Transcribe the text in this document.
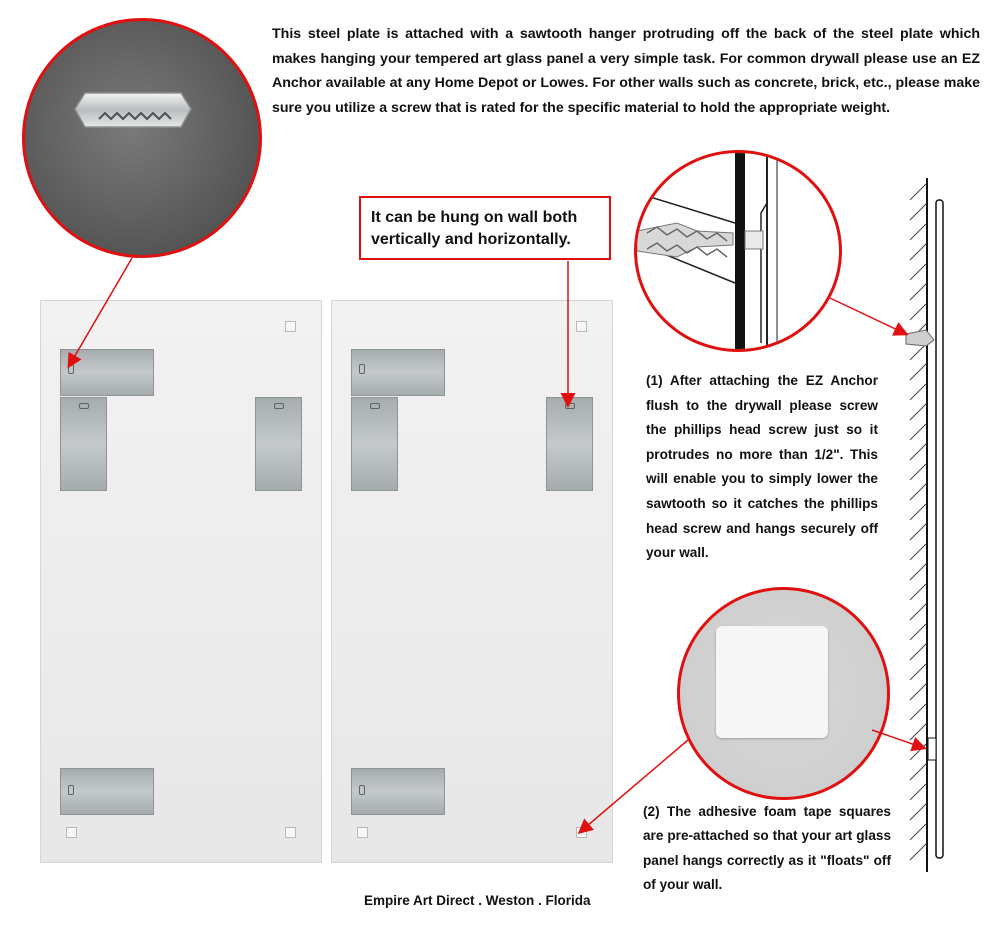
This steel plate is attached with a sawtooth hanger protruding off the back of the steel plate which makes hanging your tempered art glass panel a very simple task. For common drywall please use an EZ Anchor available at any Home Depot or Lowes. For other walls such as concrete, brick, etc., please make sure you utilize a screw that is rated for the specific material to hold the appropriate weight.
It can be hung on wall both vertically and horizontally.
(1) After attaching the EZ Anchor flush to the drywall please screw the phillips head screw just so it protrudes no more than 1/2". This will enable you to simply lower the sawtooth so it catches the phillips head screw and hangs securely off your wall.
(2) The adhesive foam tape squares are pre-attached so that your art glass panel hangs correctly as it "floats" off of your wall.
Empire Art Direct . Weston . Florida
